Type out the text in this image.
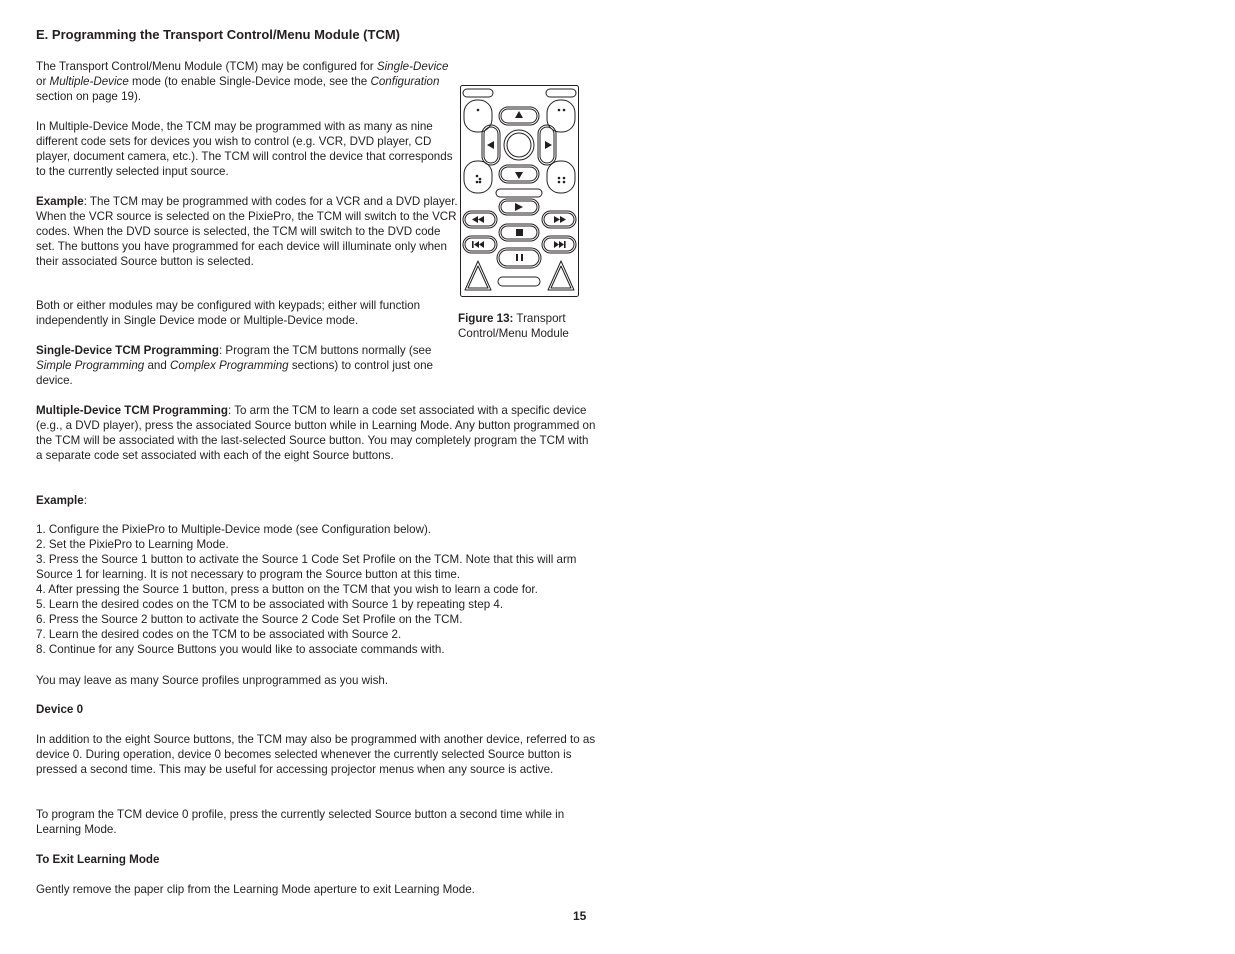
E. Programming the Transport Control/Menu Module (TCM)

The Transport Control/Menu Module (TCM) may be configured for Single-Device or Multiple-Device mode (to enable Single-Device mode, see the Configuration section on page 19).

In Multiple-Device Mode, the TCM may be programmed with as many as nine different code sets for devices you wish to control (e.g. VCR, DVD player, CD player, document camera, etc.). The TCM will control the device that corresponds to the currently selected input source.

Example: The TCM may be programmed with codes for a VCR and a DVD player. When the VCR source is selected on the PixiePro, the TCM will switch to the VCR codes. When the DVD source is selected, the TCM will switch to the DVD code set. The buttons you have programmed for each device will illuminate only when their associated Source button is selected.

Both or either modules may be configured with keypads; either will function independently in Single Device mode or Multiple-Device mode.

Single-Device TCM Programming: Program the TCM buttons normally (see Simple Programming and Complex Programming sections) to control just one device.

Multiple-Device TCM Programming: To arm the TCM to learn a code set associated with a specific device (e.g., a DVD player), press the associated Source button while in Learning Mode. Any button programmed on the TCM will be associated with the last-selected Source button. You may completely program the TCM with a separate code set associated with each of the eight Source buttons.

Example:

1. Configure the PixiePro to Multiple-Device mode (see Configuration below).
2. Set the PixiePro to Learning Mode.
3. Press the Source 1 button to activate the Source 1 Code Set Profile on the TCM. Note that this will arm Source 1 for learning. It is not necessary to program the Source button at this time.
4. After pressing the Source 1 button, press a button on the TCM that you wish to learn a code for.
5. Learn the desired codes on the TCM to be associated with Source 1 by repeating step 4.
6. Press the Source 2 button to activate the Source 2 Code Set Profile on the TCM.
7. Learn the desired codes on the TCM to be associated with Source 2.
8. Continue for any Source Buttons you would like to associate commands with.

You may leave as many Source profiles unprogrammed as you wish.

Device 0

In addition to the eight Source buttons, the TCM may also be programmed with another device, referred to as device 0. During operation, device 0 becomes selected whenever the currently selected Source button is pressed a second time. This may be useful for accessing projector menus when any source is active.

To program the TCM device 0 profile, press the currently selected Source button a second time while in Learning Mode.

To Exit Learning Mode

Gently remove the paper clip from the Learning Mode aperture to exit Learning Mode.

Figure 13: Transport Control/Menu Module

15
